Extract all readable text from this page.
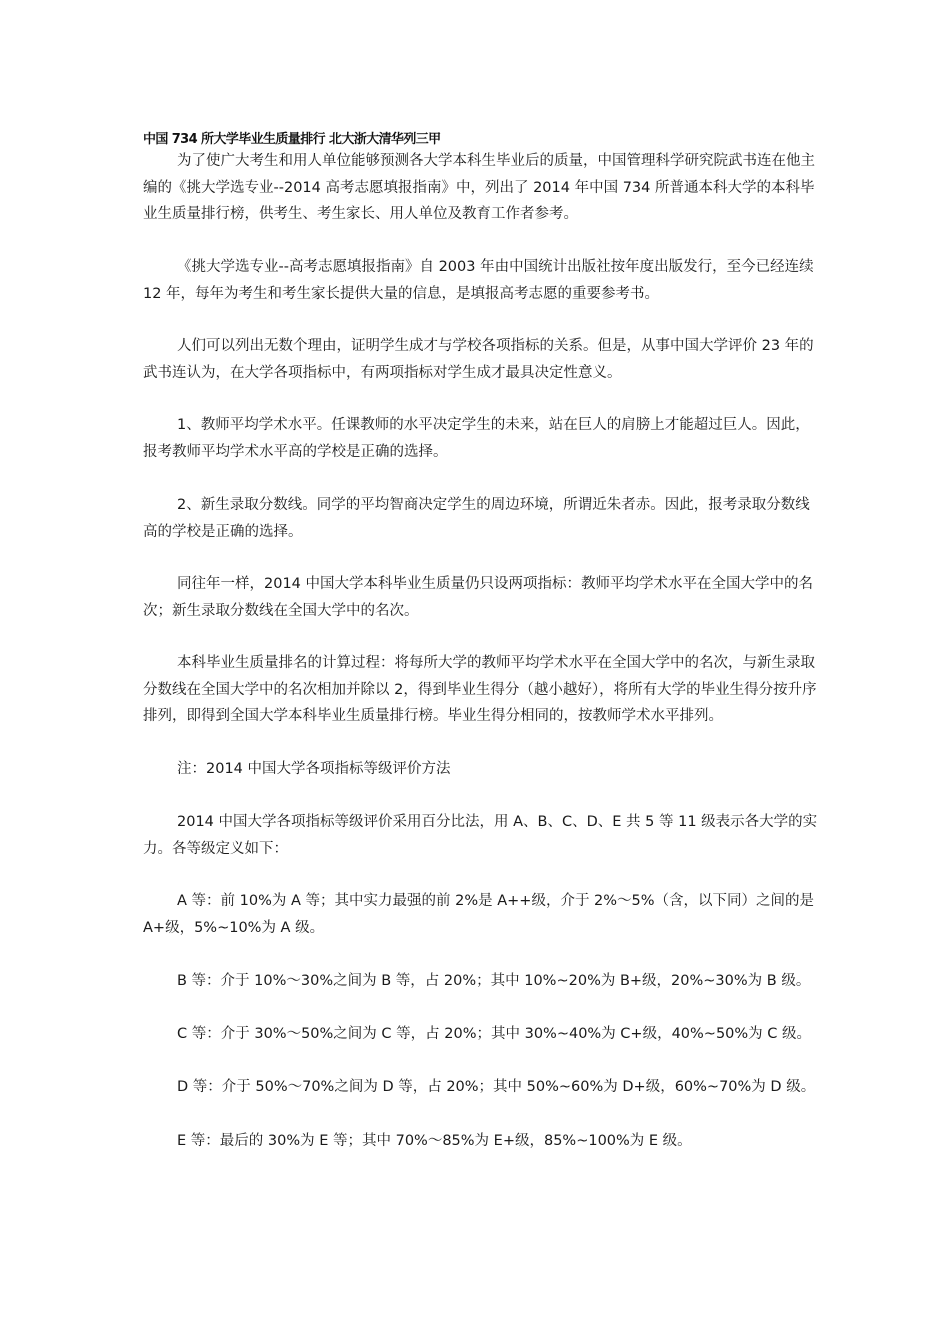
中国 734 所大学毕业生质量排行 北大浙大清华列三甲

为了使广大考生和用人单位能够预测各大学本科生毕业后的质量，中国管理科学研究院武书连在他主编的《挑大学选专业--2014 高考志愿填报指南》中，列出了 2014 年中国 734 所普通本科大学的本科毕业生质量排行榜，供考生、考生家长、用人单位及教育工作者参考。

《挑大学选专业--高考志愿填报指南》自 2003 年由中国统计出版社按年度出版发行，至今已经连续 12 年，每年为考生和考生家长提供大量的信息，是填报高考志愿的重要参考书。

人们可以列出无数个理由，证明学生成才与学校各项指标的关系。但是，从事中国大学评价 23 年的武书连认为，在大学各项指标中，有两项指标对学生成才最具决定性意义。

1、教师平均学术水平。任课教师的水平决定学生的未来，站在巨人的肩膀上才能超过巨人。因此，报考教师平均学术水平高的学校是正确的选择。

2、新生录取分数线。同学的平均智商决定学生的周边环境，所谓近朱者赤。因此，报考录取分数线高的学校是正确的选择。

同往年一样，2014 中国大学本科毕业生质量仍只设两项指标：教师平均学术水平在全国大学中的名次；新生录取分数线在全国大学中的名次。

本科毕业生质量排名的计算过程：将每所大学的教师平均学术水平在全国大学中的名次，与新生录取分数线在全国大学中的名次相加并除以 2，得到毕业生得分（越小越好），将所有大学的毕业生得分按升序排列，即得到全国大学本科毕业生质量排行榜。毕业生得分相同的，按教师学术水平排列。

注：2014 中国大学各项指标等级评价方法

2014 中国大学各项指标等级评价采用百分比法，用 A、B、C、D、E 共 5 等 11 级表示各大学的实力。各等级定义如下：

A 等：前 10%为 A 等；其中实力最强的前 2%是 A++级，介于 2%～5%（含，以下同）之间的是 A+级，5%~10%为 A 级。

B 等：介于 10%～30%之间为 B 等，占 20%；其中 10%~20%为 B+级，20%~30%为 B 级。

C 等：介于 30%～50%之间为 C 等，占 20%；其中 30%~40%为 C+级，40%~50%为 C 级。

D 等：介于 50%～70%之间为 D 等，占 20%；其中 50%~60%为 D+级，60%~70%为 D 级。

E 等：最后的 30%为 E 等；其中 70%～85%为 E+级，85%~100%为 E 级。
